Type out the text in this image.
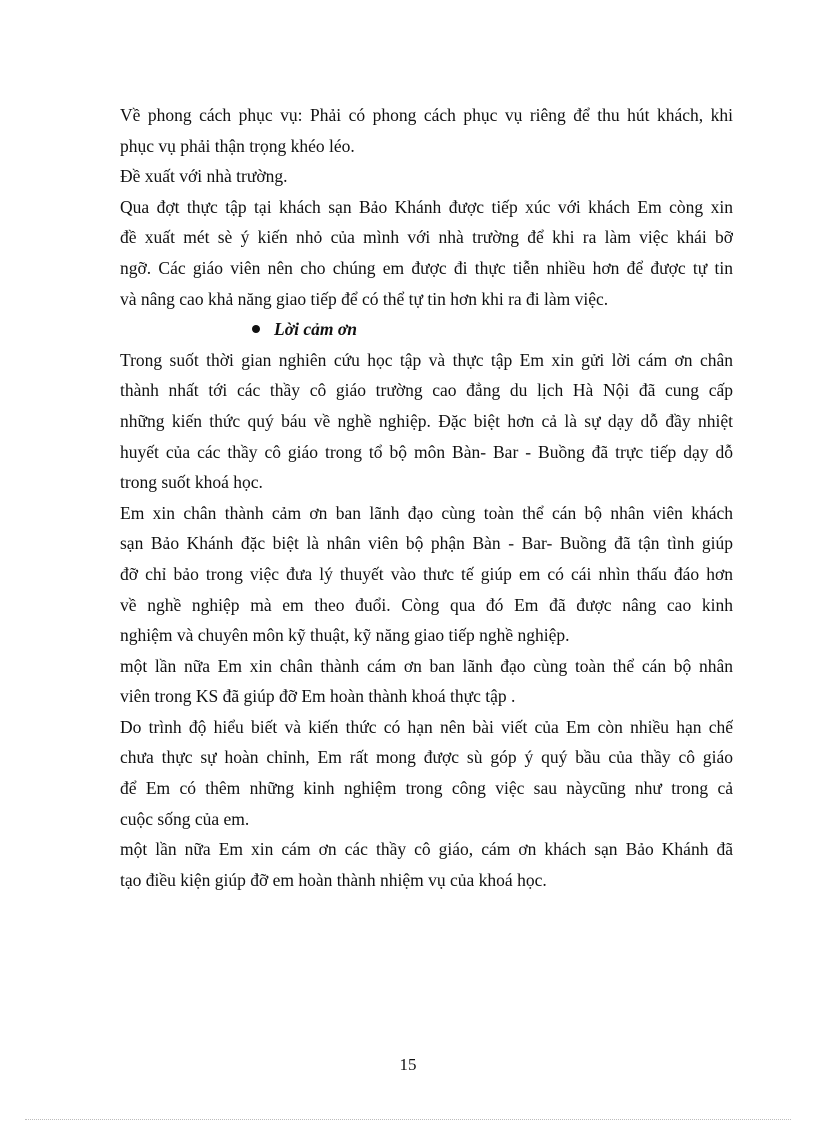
Về phong cách phục vụ: Phải có phong cách phục vụ riêng để thu hút khách, khi
phục vụ phải thận trọng khéo léo.
Đề xuất với nhà trường.
Qua đợt thực tập tại khách sạn Bảo Khánh được tiếp xúc với khách Em còng xin
đề xuất mét sè ý kiến nhỏ của mình với nhà trường để khi ra làm việc khái bỡ
ngỡ. Các giáo viên nên cho chúng em được đi thực tiễn nhiều hơn để được tự tin
và nâng cao khả năng giao tiếp để có thể tự tin hơn khi ra đi làm việc.
Lời cảm ơn
Trong suốt thời gian nghiên cứu học tập và thực tập Em xin gửi lời cám ơn chân
thành nhất tới các thầy cô giáo trường cao đẳng du lịch Hà Nội đã cung cấp
những kiến thức quý báu về nghề nghiệp. Đặc biệt hơn cả là sự dạy dỗ đầy nhiệt
huyết của các thầy cô giáo trong tổ bộ môn Bàn- Bar - Buồng đã trực tiếp dạy dỗ
trong suốt khoá học.
Em xin chân thành cảm ơn ban lãnh đạo cùng toàn thể cán bộ nhân viên khách
sạn Bảo Khánh đặc biệt là nhân viên bộ phận Bàn - Bar- Buồng đã tận tình giúp
đỡ chỉ bảo trong việc đưa lý thuyết vào thưc tế giúp em có cái nhìn thấu đáo hơn
về nghề nghiệp mà em theo đuổi. Còng qua đó Em đã được nâng cao kinh
nghiệm và chuyên môn kỹ thuật, kỹ năng giao tiếp nghề nghiệp.
một lần nữa Em xin chân thành cám ơn ban lãnh đạo cùng toàn thể cán bộ nhân
viên trong KS đã giúp đỡ Em hoàn thành khoá thực tập .
Do trình độ hiểu biết và kiến thức có hạn nên bài viết của Em còn nhiều hạn chế
chưa thực sự hoàn chỉnh, Em rất mong được sù góp ý quý bầu của thầy cô giáo
để Em có thêm những kinh nghiệm trong công việc sau nàycũng như trong cả
cuộc sống của em.
một lần nữa Em xin cám ơn các thầy cô giáo, cám ơn khách sạn Bảo Khánh đã
tạo điều kiện giúp đỡ em hoàn thành nhiệm vụ của khoá học.
15
